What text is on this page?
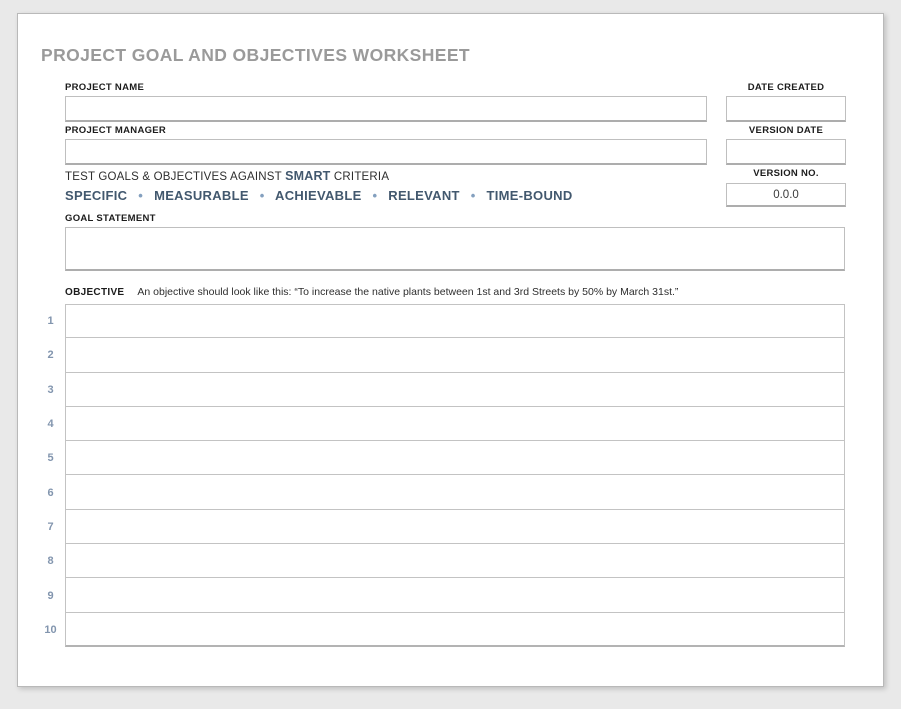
PROJECT GOAL AND OBJECTIVES WORKSHEET
PROJECT NAME	DATE CREATED
PROJECT MANAGER	VERSION DATE
TEST GOALS & OBJECTIVES AGAINST SMART CRITERIA
SPECIFIC • MEASURABLE • ACHIEVABLE • RELEVANT • TIME-BOUND
VERSION NO.
0.0.0
GOAL STATEMENT
OBJECTIVE An objective should look like this: “To increase the native plants between 1st and 3rd Streets by 50% by March 31st.”
1
2
3
4
5
6
7
8
9
10
